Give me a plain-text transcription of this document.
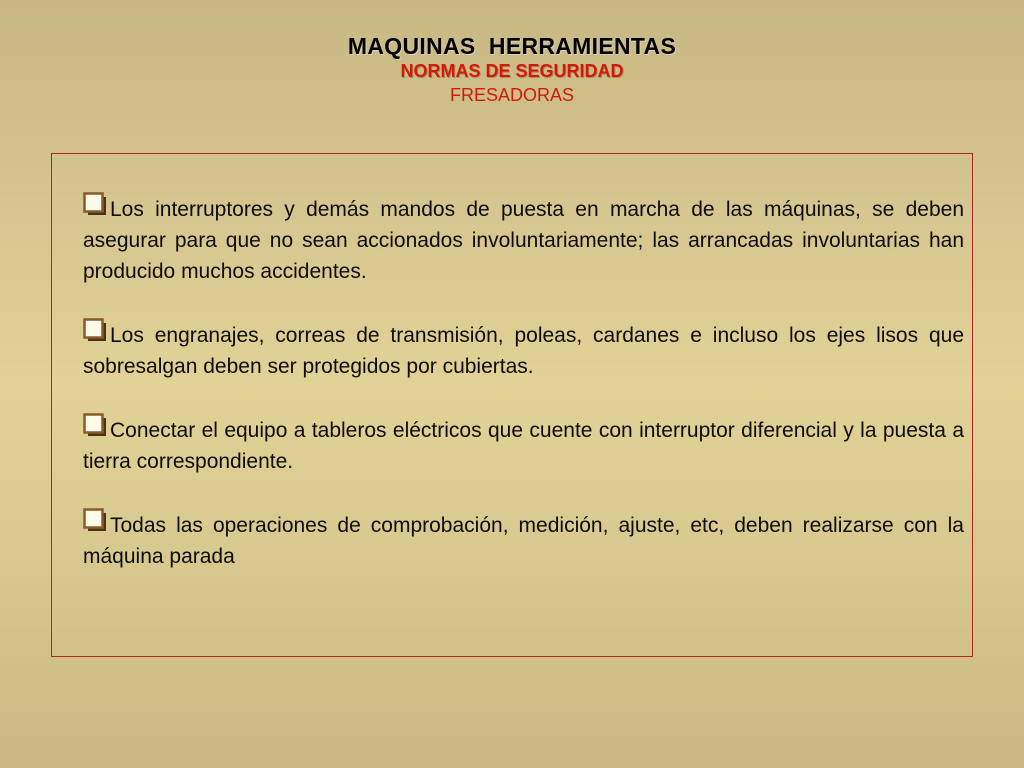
MAQUINAS  HERRAMIENTAS
NORMAS DE SEGURIDAD
FRESADORAS
Los interruptores y demás mandos de puesta en marcha de las máquinas, se deben asegurar para que no sean accionados involuntariamente; las arrancadas involuntarias han producido muchos accidentes.
Los engranajes, correas de transmisión, poleas, cardanes e incluso los ejes lisos que sobresalgan deben ser protegidos por cubiertas.
Conectar el equipo a tableros eléctricos que cuente con interruptor diferencial y la puesta a tierra correspondiente.
Todas las operaciones de comprobación, medición, ajuste, etc, deben realizarse con la máquina parada
